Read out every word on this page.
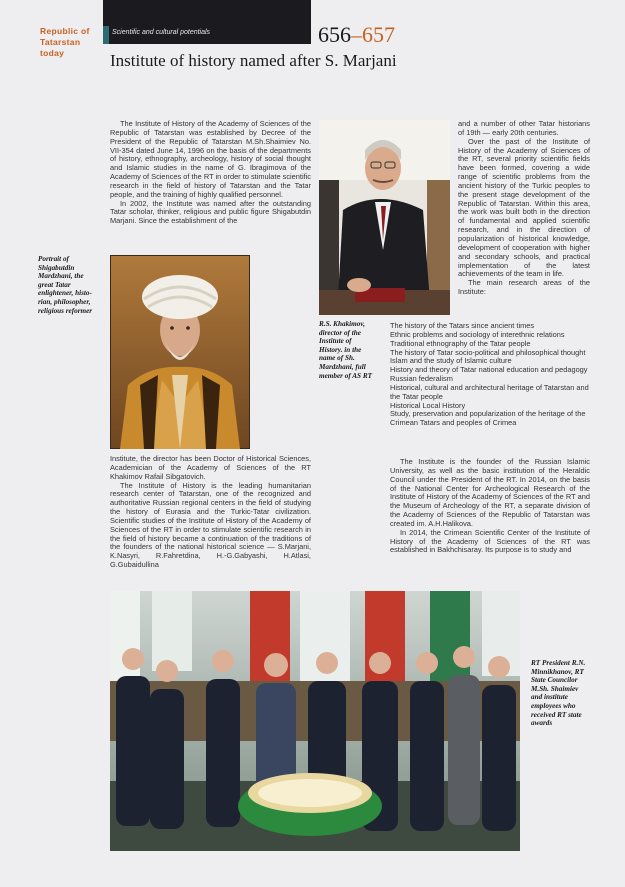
Republic of
Tatarstan
today
Scientific and cultural potentials	656–657
Institute of history named after S. Marjani

The Institute of History of the Academy of Sciences of the Republic of Tatarstan was established by Decree of the President of the Republic of Tatarstan M.Sh.Shaimiev No. VII-354 dated June 14, 1996 on the basis of the departments of history, ethnography, archeology, history of social thought and Islamic studies in the name of G. Ibragimova of the Academy of Sciences of the RT in order to stimulate scientific research in the field of history of Tatarstan and the Tatar people, and the training of highly qualified personnel.

In 2002, the Institute was named after the outstanding Tatar scholar, thinker, religious and public figure Shigabutdin Marjani. Since the establishment of the

Portrait of
Shigabutdin
Mardzhani, the
great Tatar
enlightener, histo-
rian, philosopher,
religious reformer

Institute, the director has been Doctor of Historical Sciences, Academician of the Academy of Sciences of the RT Khakimov Rafail Sibgatovich.

The Institute of History is the leading humanitarian research center of Tatarstan, one of the recognized and authoritative Russian regional centers in the field of studying the history of Eurasia and the Turkic-Tatar civilization. Scientific studies of the Institute of History of the Academy of Sciences of the RT in order to stimulate scientific research in the field of history became a continuation of the traditions of the founders of the national historical science — S.Marjani, K.Nasyri, R.Fahretdina, H.-G.Gabyashi, H.Atlasi, G.Gubaidullina

R.S. Khakimov,
director of the
Institute of
History. in the
name of Sh.
Mardzhani, full
member of AS RT

and a number of other Tatar historians of 19th — early 20th centuries.

Over the past of the Institute of History of the Academy of Sciences of the RT, several priority scientific fields have been formed, covering a wide range of scientific problems from the ancient history of the Turkic peoples to the present stage development of the Republic of Tatarstan. Within this area, the work was built both in the direction of fundamental and applied scientific research, and in the direction of popularization of historical knowledge, development of cooperation with higher and secondary schools, and practical implementation of the latest achievements of the team in life.

The main research areas of the Institute:

The history of the Tatars since ancient times
Ethnic problems and sociology of interethnic relations
Traditional ethnography of the Tatar people
The history of Tatar socio-political and philosophical thought
Islam and the study of Islamic culture
History and theory of Tatar national education and pedagogy
Russian federalism
Historical, cultural and architectural heritage of Tatarstan and the Tatar people
Historical Local History
Study, preservation and popularization of the heritage of the Crimean Tatars and peoples of Crimea

The Institute is the founder of the Russian Islamic University, as well as the basic institution of the Heraldic Council under the President of the RT. In 2014, on the basis of the National Center for Archeological Research of the Institute of History of the Academy of Sciences of the RT and the Museum of Archeology of the RT, a separate division of the Academy of Sciences of the Republic of Tatarstan was created im. A.H.Halikova.

In 2014, the Crimean Scientific Center of the Institute of History of the Academy of Sciences of the RT was established in Bakhchisaray. Its purpose is to study and

RT President R.N.
Minnikhanov, RT
State Councilor
M.Sh. Shaimiev
and institute
employees who
received RT state
awards
